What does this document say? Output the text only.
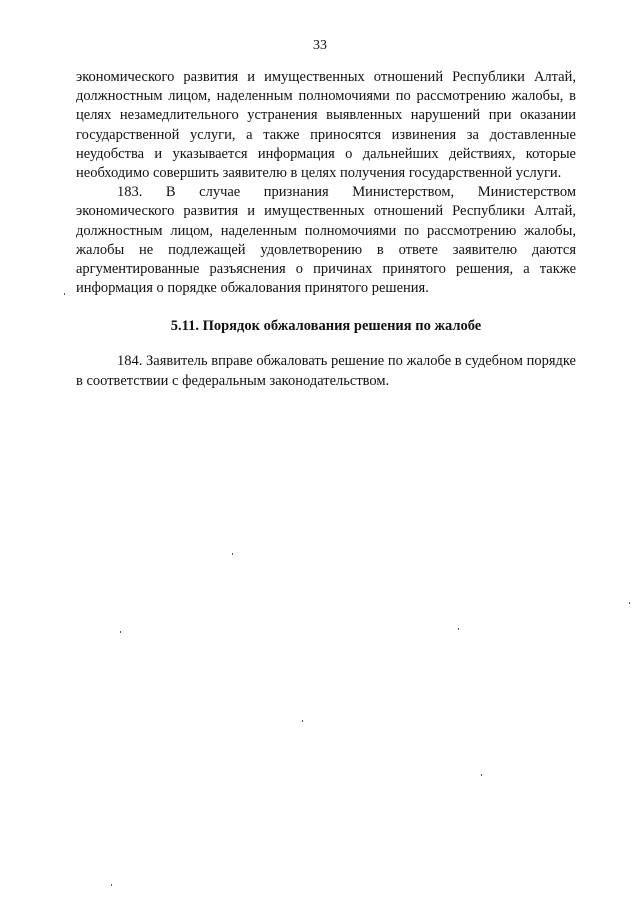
33

экономического развития и имущественных отношений Республики Алтай, должностным лицом, наделенным полномочиями по рассмотрению жалобы, в целях незамедлительного устранения выявленных нарушений при оказании государственной услуги, а также приносятся извинения за доставленные неудобства и указывается информация о дальнейших действиях, которые необходимо совершить заявителю в целях получения государственной услуги.

183. В случае признания Министерством, Министерством экономического развития и имущественных отношений Республики Алтай, должностным лицом, наделенным полномочиями по рассмотрению жалобы, жалобы не подлежащей удовлетворению в ответе заявителю даются аргументированные разъяснения о причинах принятого решения, а также информация о порядке обжалования принятого решения.

5.11. Порядок обжалования решения по жалобе

184. Заявитель вправе обжаловать решение по жалобе в судебном порядке в соответствии с федеральным законодательством.
